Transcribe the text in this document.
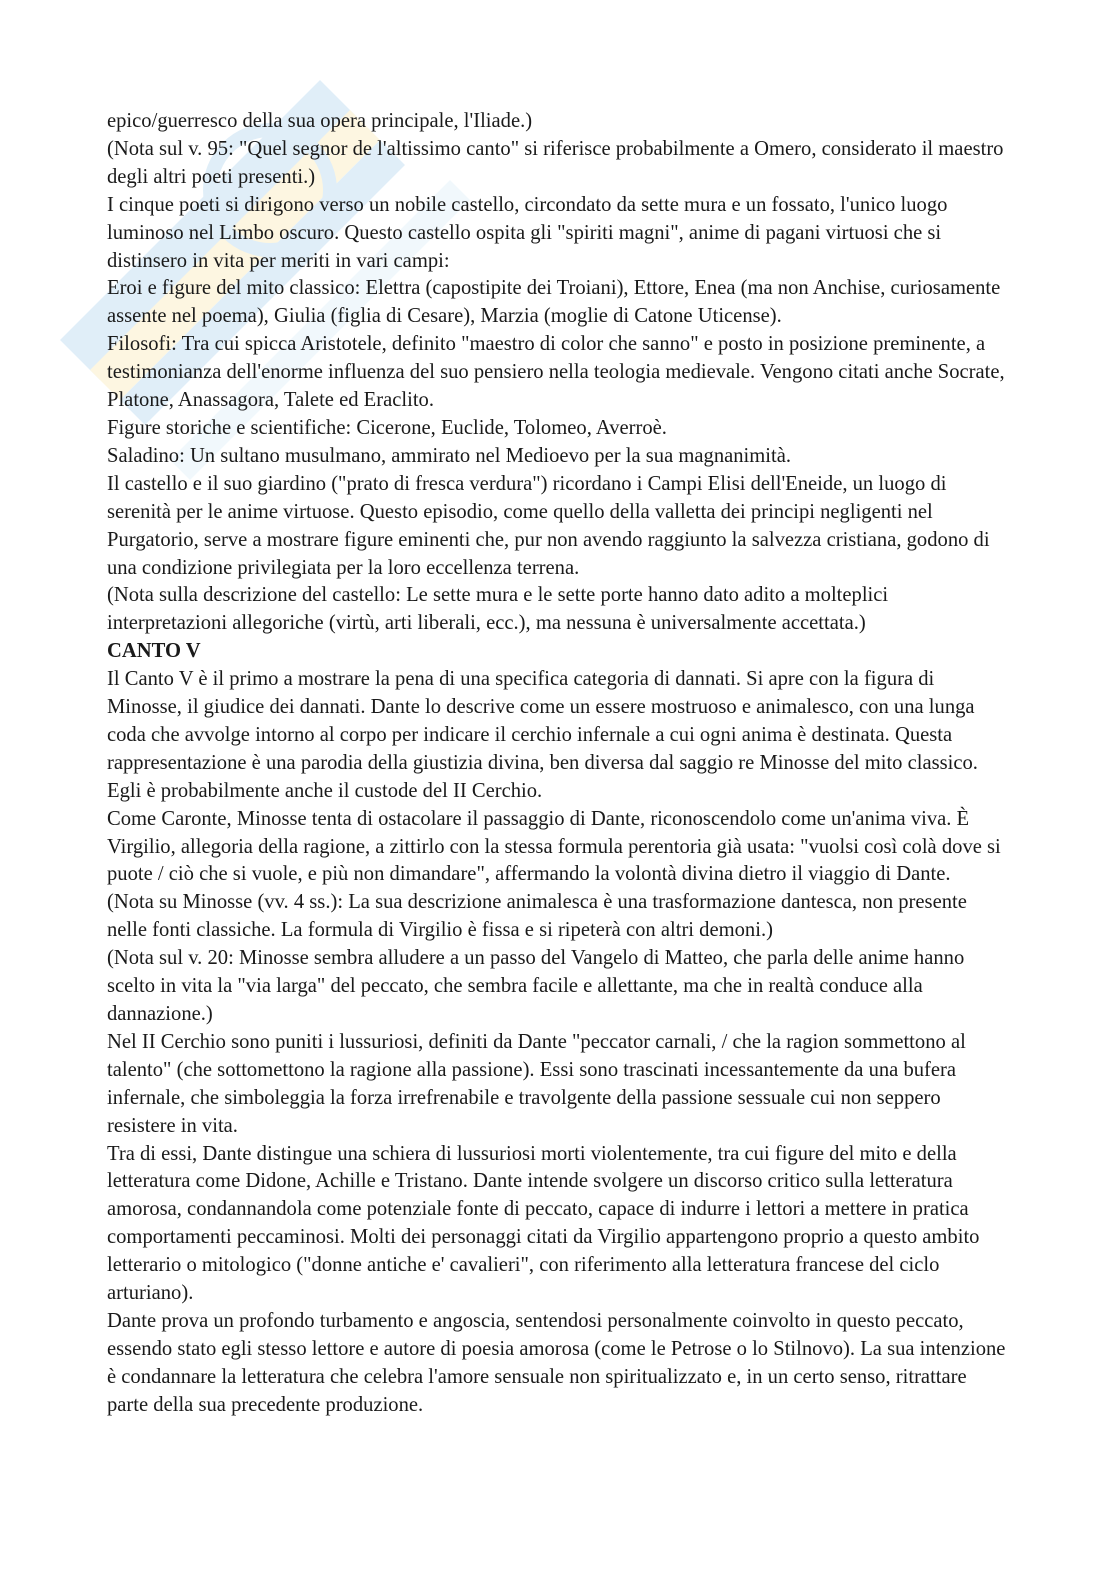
epico/guerresco della sua opera principale, l'Iliade.)

(Nota sul v. 95: "Quel segnor de l'altissimo canto" si riferisce probabilmente a Omero, considerato il maestro degli altri poeti presenti.)

I cinque poeti si dirigono verso un nobile castello, circondato da sette mura e un fossato, l'unico luogo luminoso nel Limbo oscuro. Questo castello ospita gli "spiriti magni", anime di pagani virtuosi che si distinsero in vita per meriti in vari campi:

Eroi e figure del mito classico: Elettra (capostipite dei Troiani), Ettore, Enea (ma non Anchise, curiosamente assente nel poema), Giulia (figlia di Cesare), Marzia (moglie di Catone Uticense).

Filosofi: Tra cui spicca Aristotele, definito "maestro di color che sanno" e posto in posizione preminente, a testimonianza dell'enorme influenza del suo pensiero nella teologia medievale. Vengono citati anche Socrate, Platone, Anassagora, Talete ed Eraclito.

Figure storiche e scientifiche: Cicerone, Euclide, Tolomeo, Averroè.

Saladino: Un sultano musulmano, ammirato nel Medioevo per la sua magnanimità.

Il castello e il suo giardino ("prato di fresca verdura") ricordano i Campi Elisi dell'Eneide, un luogo di serenità per le anime virtuose. Questo episodio, come quello della valletta dei principi negligenti nel Purgatorio, serve a mostrare figure eminenti che, pur non avendo raggiunto la salvezza cristiana, godono di una condizione privilegiata per la loro eccellenza terrena.

(Nota sulla descrizione del castello: Le sette mura e le sette porte hanno dato adito a molteplici interpretazioni allegoriche (virtù, arti liberali, ecc.), ma nessuna è universalmente accettata.)

CANTO V

Il Canto V è il primo a mostrare la pena di una specifica categoria di dannati. Si apre con la figura di Minosse, il giudice dei dannati. Dante lo descrive come un essere mostruoso e animalesco, con una lunga coda che avvolge intorno al corpo per indicare il cerchio infernale a cui ogni anima è destinata. Questa rappresentazione è una parodia della giustizia divina, ben diversa dal saggio re Minosse del mito classico. Egli è probabilmente anche il custode del II Cerchio.

Come Caronte, Minosse tenta di ostacolare il passaggio di Dante, riconoscendolo come un'anima viva. È Virgilio, allegoria della ragione, a zittirlo con la stessa formula perentoria già usata: "vuolsi così colà dove si puote / ciò che si vuole, e più non dimandare", affermando la volontà divina dietro il viaggio di Dante.

(Nota su Minosse (vv. 4 ss.): La sua descrizione animalesca è una trasformazione dantesca, non presente nelle fonti classiche. La formula di Virgilio è fissa e si ripeterà con altri demoni.)

(Nota sul v. 20: Minosse sembra alludere a un passo del Vangelo di Matteo, che parla delle anime hanno scelto in vita la "via larga" del peccato, che sembra facile e allettante, ma che in realtà conduce alla dannazione.)

Nel II Cerchio sono puniti i lussuriosi, definiti da Dante "peccator carnali, / che la ragion sommettono al talento" (che sottomettono la ragione alla passione). Essi sono trascinati incessantemente da una bufera infernale, che simboleggia la forza irrefrenabile e travolgente della passione sessuale cui non seppero resistere in vita.

Tra di essi, Dante distingue una schiera di lussuriosi morti violentemente, tra cui figure del mito e della letteratura come Didone, Achille e Tristano. Dante intende svolgere un discorso critico sulla letteratura amorosa, condannandola come potenziale fonte di peccato, capace di indurre i lettori a mettere in pratica comportamenti peccaminosi. Molti dei personaggi citati da Virgilio appartengono proprio a questo ambito letterario o mitologico ("donne antiche e' cavalieri", con riferimento alla letteratura francese del ciclo arturiano).

Dante prova un profondo turbamento e angoscia, sentendosi personalmente coinvolto in questo peccato, essendo stato egli stesso lettore e autore di poesia amorosa (come le Petrose o lo Stilnovo). La sua intenzione è condannare la letteratura che celebra l'amore sensuale non spiritualizzato e, in un certo senso, ritrattare parte della sua precedente produzione.
